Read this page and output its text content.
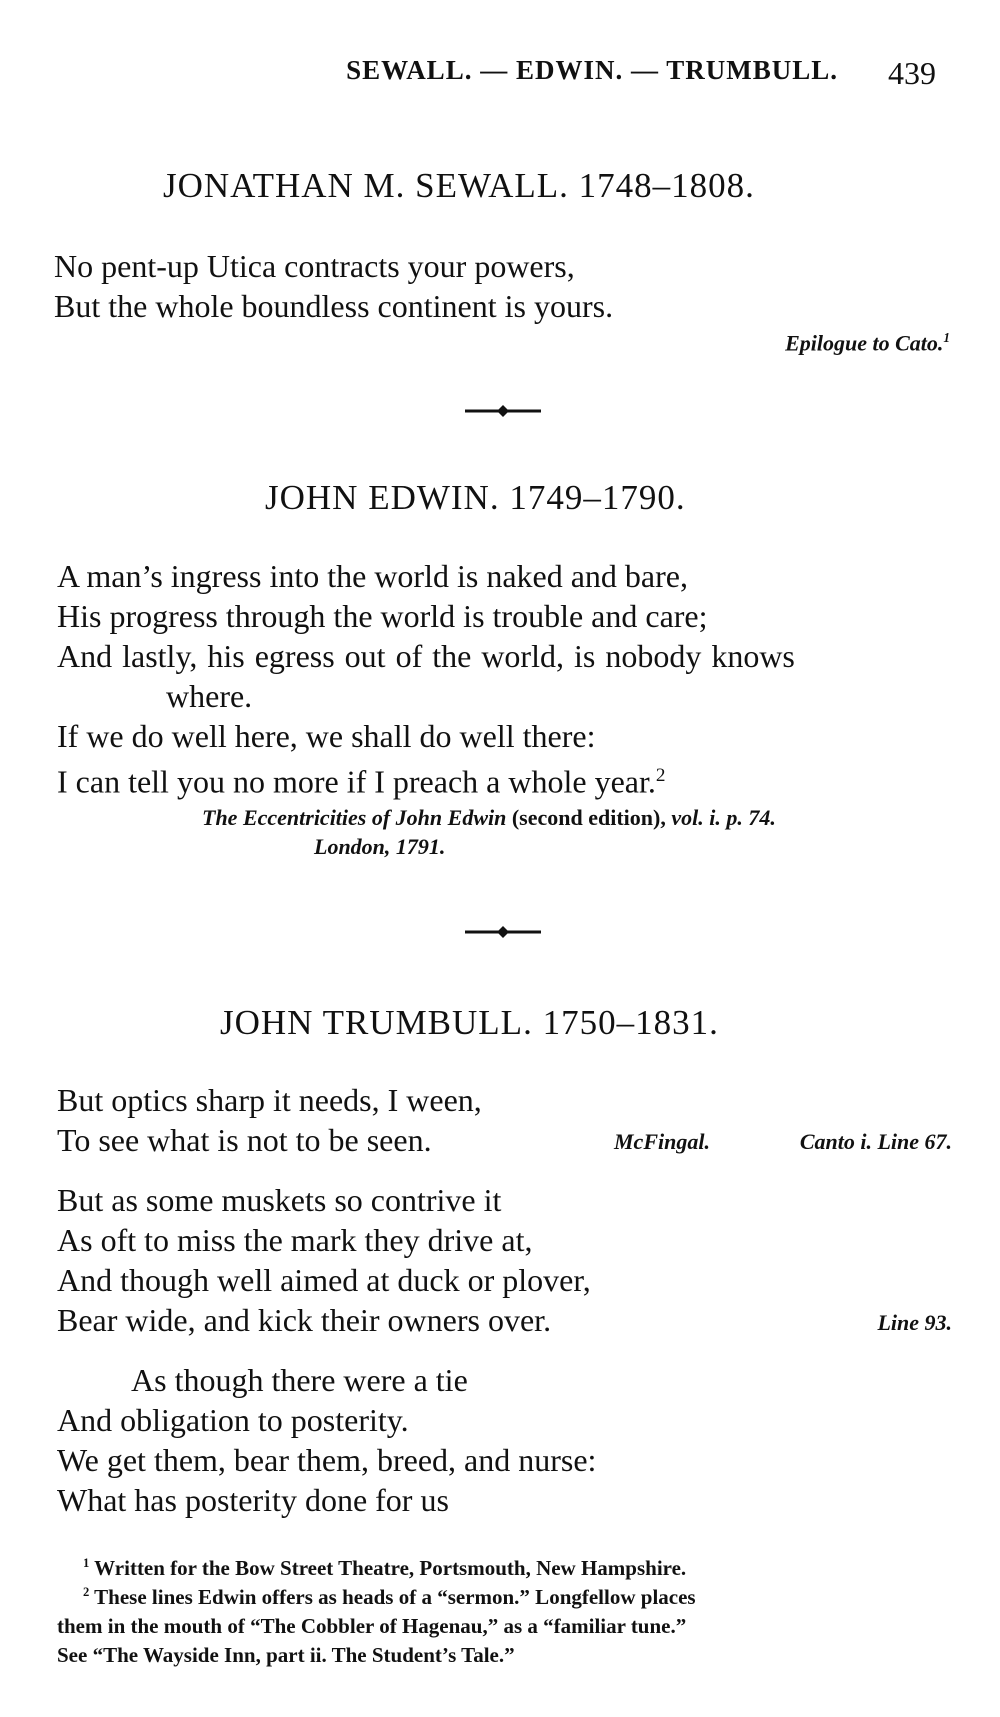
SEWALL. — EDWIN. — TRUMBULL. 439
JONATHAN M. SEWALL. 1748–1808.
No pent-up Utica contracts your powers,
But the whole boundless continent is yours.
Epilogue to Cato.$^1$
JOHN EDWIN. 1749–1790.
A man’s ingress into the world is naked and bare,
His progress through the world is trouble and care;
And lastly, his egress out of the world, is nobody knows
where.
If we do well here, we shall do well there:
I can tell you no more if I preach a whole year.$^2$
The Eccentricities of John Edwin (second edition), vol. i. p. 74.
London, 1791.
JOHN TRUMBULL. 1750–1831.
But optics sharp it needs, I ween,
To see what is not to be seen.	McFingal.	Canto i. Line 67.
But as some muskets so contrive it
As oft to miss the mark they drive at,
And though well aimed at duck or plover,
Bear wide, and kick their owners over.	Line 93.
As though there were a tie
And obligation to posterity.
We get them, bear them, breed, and nurse:
What has posterity done for us
$^1$ Written for the Bow Street Theatre, Portsmouth, New Hampshire.
$^2$ These lines Edwin offers as heads of a “sermon.” Longfellow places
them in the mouth of “The Cobbler of Hagenau,” as a “familiar tune.”
See “The Wayside Inn, part ii. The Student’s Tale.”
